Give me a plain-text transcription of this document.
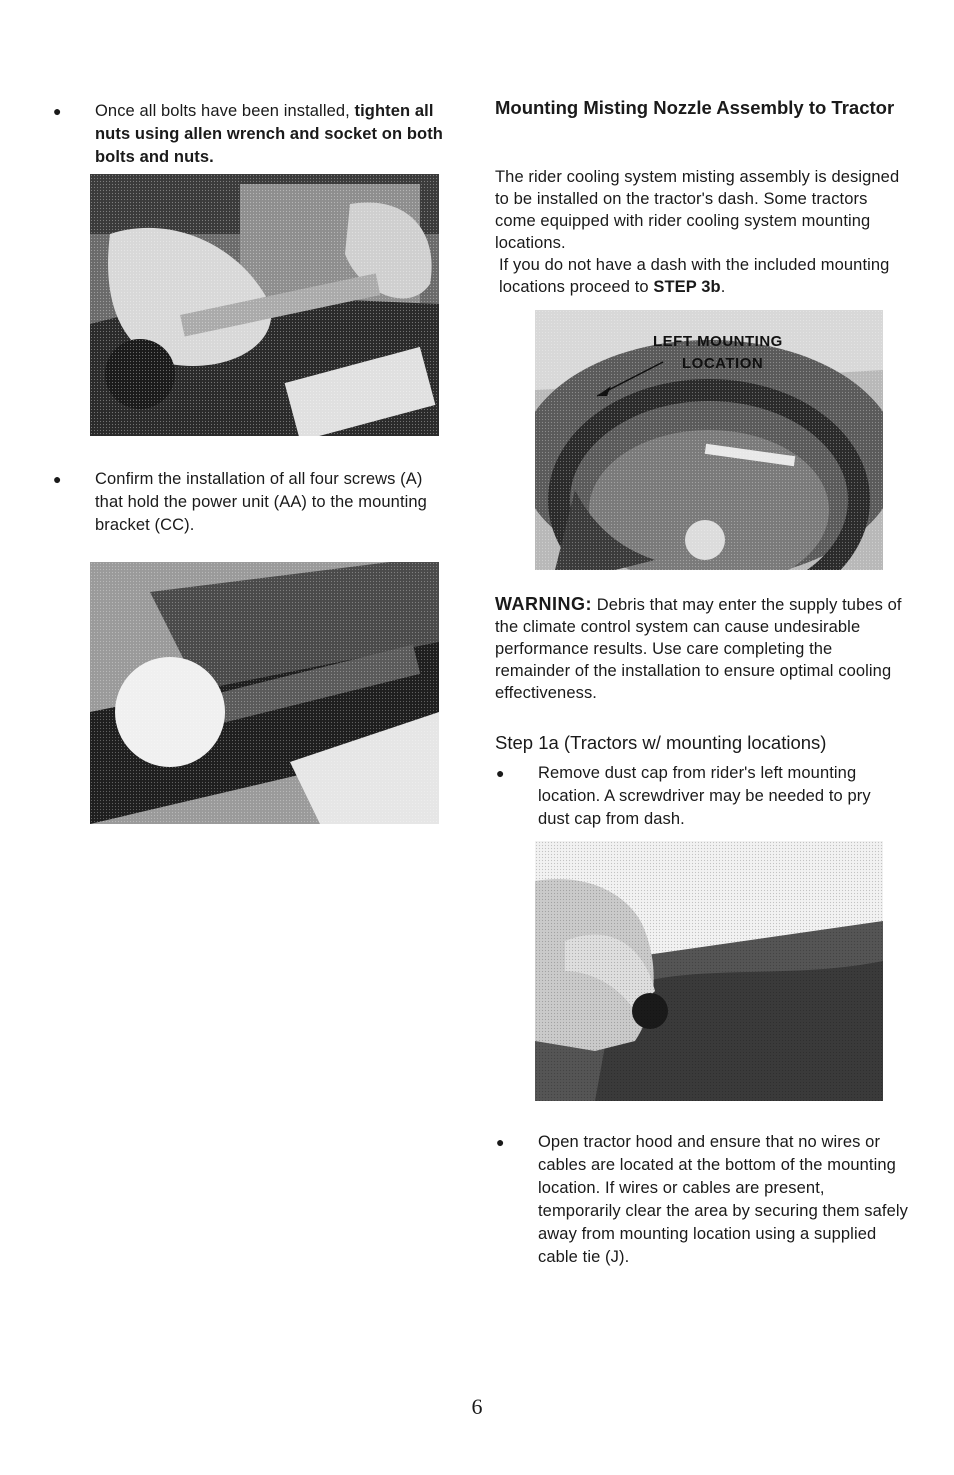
● Once all bolts have been installed, tighten all nuts using allen wrench and socket on both bolts and nuts.
● Confirm the installation of all four screws (A) that hold the power unit (AA) to the mounting bracket (CC).
Mounting Misting Nozzle Assembly to Tractor
The rider cooling system misting assembly is designed to be installed on the tractor's dash. Some tractors come equipped with rider cooling system mounting locations.
If you do not have a dash with the included mounting locations proceed to STEP 3b.
LEFT MOUNTING
LOCATION
WARNING: Debris that may enter the supply tubes of the climate control system can cause undesirable performance results. Use care completing the remainder of the installation to ensure optimal cooling effectiveness.
Step 1a (Tractors w/ mounting locations)
● Remove dust cap from rider's left mounting location. A screwdriver may be needed to pry dust cap from dash.
● Open tractor hood and ensure that no wires or cables are located at the bottom of the mounting location. If wires or cables are present, temporarily clear the area by securing them safely away from mounting location using a supplied cable tie (J).
6
